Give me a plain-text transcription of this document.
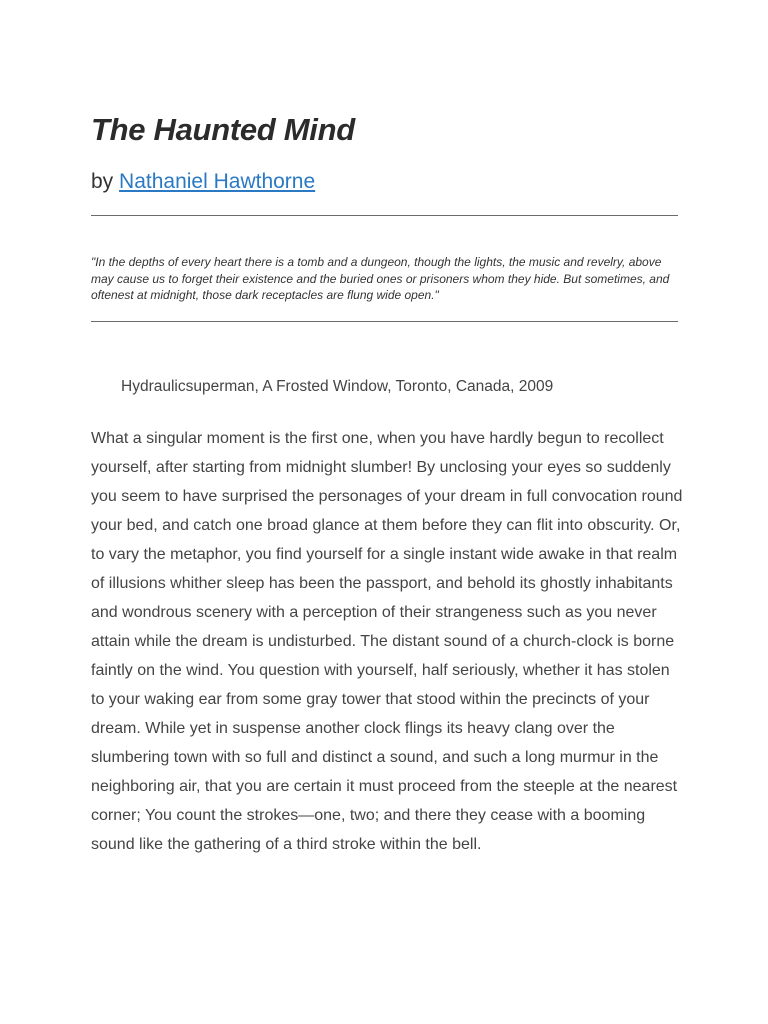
The Haunted Mind
by Nathaniel Hawthorne

"In the depths of every heart there is a tomb and a dungeon, though the lights, the music and revelry, above may cause us to forget their existence and the buried ones or prisoners whom they hide. But sometimes, and oftenest at midnight, those dark receptacles are flung wide open."

Hydraulicsuperman, A Frosted Window, Toronto, Canada, 2009

What a singular moment is the first one, when you have hardly begun to recollect yourself, after starting from midnight slumber! By unclosing your eyes so suddenly you seem to have surprised the personages of your dream in full convocation round your bed, and catch one broad glance at them before they can flit into obscurity. Or, to vary the metaphor, you find yourself for a single instant wide awake in that realm of illusions whither sleep has been the passport, and behold its ghostly inhabitants and wondrous scenery with a perception of their strangeness such as you never attain while the dream is undisturbed. The distant sound of a church-clock is borne faintly on the wind. You question with yourself, half seriously, whether it has stolen to your waking ear from some gray tower that stood within the precincts of your dream. While yet in suspense another clock flings its heavy clang over the slumbering town with so full and distinct a sound, and such a long murmur in the neighboring air, that you are certain it must proceed from the steeple at the nearest corner; You count the strokes—one, two; and there they cease with a booming sound like the gathering of a third stroke within the bell.
